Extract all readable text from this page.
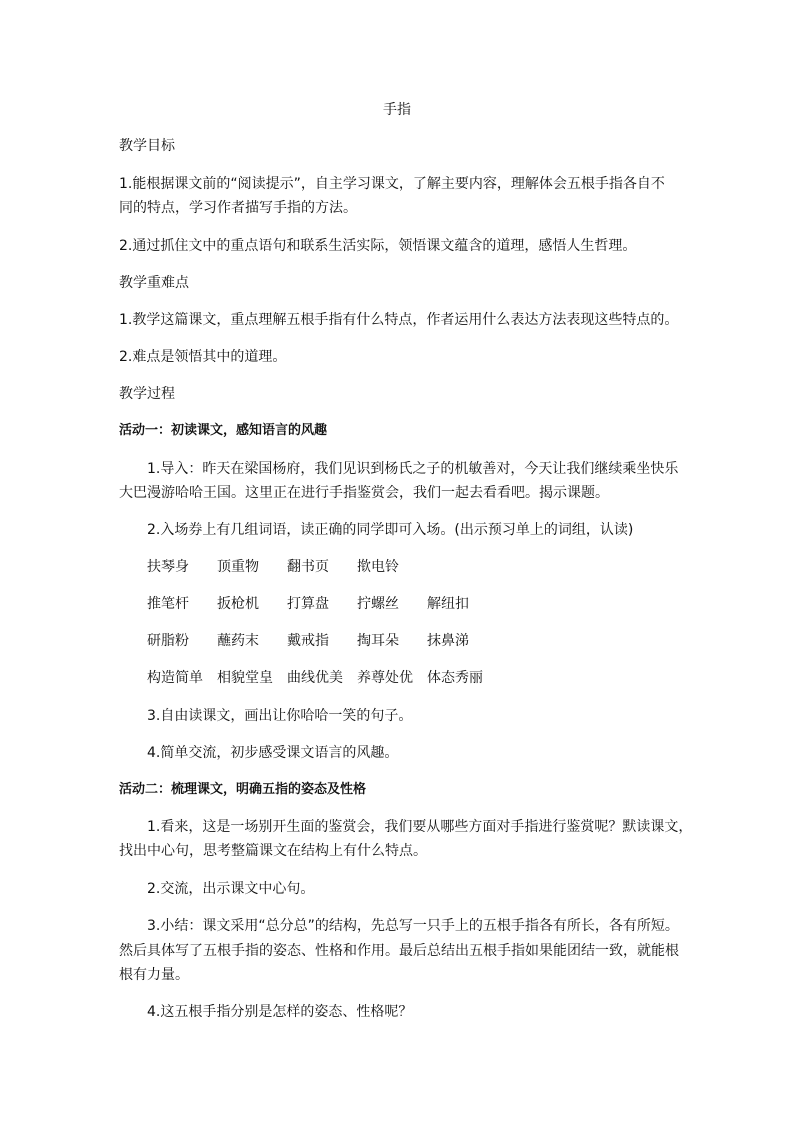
手指
教学目标
1.能根据课文前的“阅读提示”，自主学习课文，了解主要内容，理解体会五根手指各自不
同的特点，学习作者描写手指的方法。
2.通过抓住文中的重点语句和联系生活实际，领悟课文蕴含的道理，感悟人生哲理。
教学重难点
1.教学这篇课文，重点理解五根手指有什么特点，作者运用什么表达方法表现这些特点的。
2.难点是领悟其中的道理。
教学过程
活动一：初读课文，感知语言的风趣
1.导入：昨天在梁国杨府，我们见识到杨氏之子的机敏善对，今天让我们继续乘坐快乐
大巴漫游哈哈王国。这里正在进行手指鉴赏会，我们一起去看看吧。揭示课题。
2.入场券上有几组词语，读正确的同学即可入场。(出示预习单上的词组，认读)
扶琴身 顶重物 翻书页 揿电铃
推笔杆 扳枪机 打算盘 拧螺丝 解纽扣
研脂粉 蘸药末 戴戒指 掏耳朵 抹鼻涕
构造简单 相貌堂皇 曲线优美 养尊处优 体态秀丽
3.自由读课文，画出让你哈哈一笑的句子。
4.简单交流，初步感受课文语言的风趣。
活动二：梳理课文，明确五指的姿态及性格
1.看来，这是一场别开生面的鉴赏会，我们要从哪些方面对手指进行鉴赏呢？默读课文，
找出中心句，思考整篇课文在结构上有什么特点。
2.交流，出示课文中心句。
3.小结：课文采用“总分总”的结构，先总写一只手上的五根手指各有所长，各有所短。
然后具体写了五根手指的姿态、性格和作用。最后总结出五根手指如果能团结一致，就能根
根有力量。
4.这五根手指分别是怎样的姿态、性格呢？
